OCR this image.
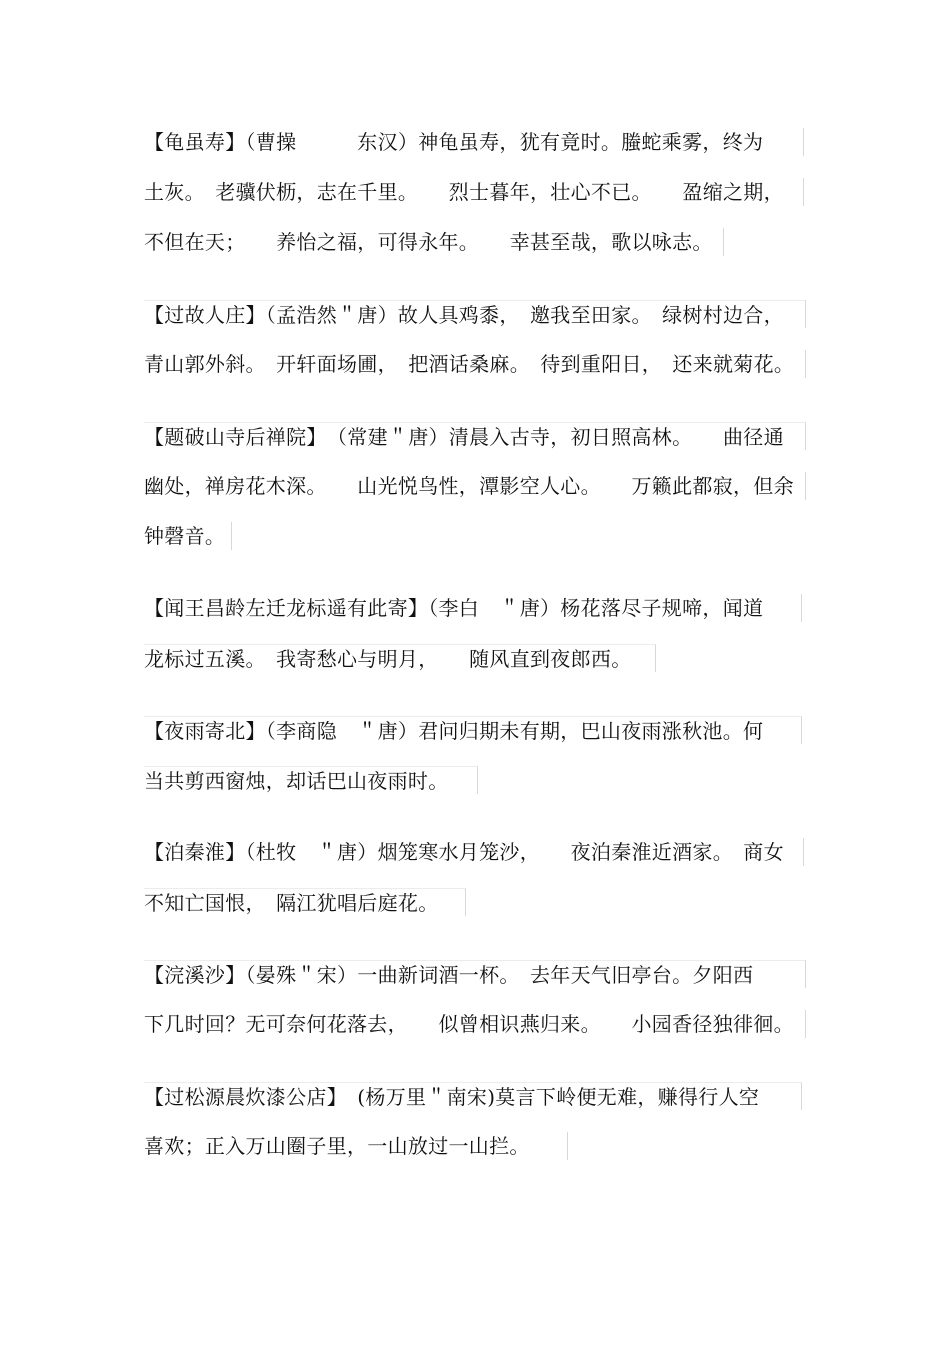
【龟虽寿】（曹操　　　东汉）神龟虽寿，犹有竟时。螣蛇乘雾，终为
土灰。　老骥伏枥，志在千里。　　烈士暮年，壮心不已。　　盈缩之期，
不但在天；　　养怡之福，可得永年。　　幸甚至哉，歌以咏志。
【过故人庄】（孟浩然＂唐）故人具鸡黍，　邀我至田家。　绿树村边合，
青山郭外斜。　开轩面场圃，　把酒话桑麻。　待到重阳日，　还来就菊花。
【题破山寺后禅院】　（常建＂唐）清晨入古寺，初日照高林。　　曲径通
幽处，禅房花木深。　　山光悦鸟性，潭影空人心。　　万籁此都寂，但余
钟磬音。
【闻王昌龄左迁龙标遥有此寄】（李白　＂唐）杨花落尽子规啼，闻道
龙标过五溪。　我寄愁心与明月，　　随风直到夜郎西。
【夜雨寄北】（李商隐　＂唐）君问归期未有期，巴山夜雨涨秋池。何
当共剪西窗烛，却话巴山夜雨时。
【泊秦淮】（杜牧　＂唐）烟笼寒水月笼沙，　　夜泊秦淮近酒家。　商女
不知亡国恨，　隔江犹唱后庭花。
【浣溪沙】（晏殊＂宋）一曲新词酒一杯。　去年天气旧亭台。夕阳西
下几时回？无可奈何花落去，　　似曾相识燕归来。　　小园香径独徘徊。
【过松源晨炊漆公店】　(杨万里＂南宋)莫言下岭便无难，赚得行人空
喜欢；正入万山圈子里，一山放过一山拦。
